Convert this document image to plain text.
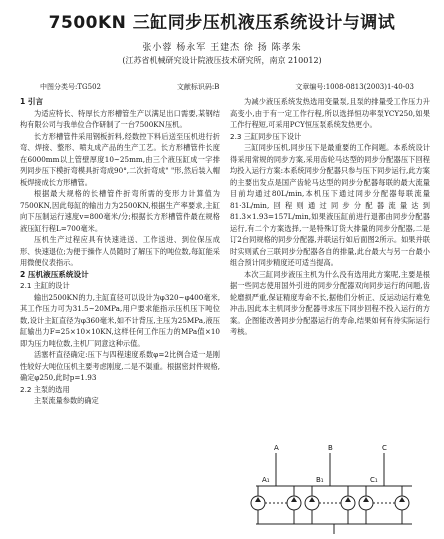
7500KN 三缸同步压机液压系统设计与调试
张小蓉 杨永军 王建杰 徐 扬 陈孝朱
(江苏省机械研究设计院液压技术研究所，南京 210012)
中图分类号:TG502	文献标识码:B	文章编号:1008-0813(2003)1-40-03
1 引言

为适应特长、特厚长方形槽管生产以满足出口需要,某钢结构有限公司与我单位合作研制了一台7500KN压机。

长方形槽管件采用钢板折料,经数控下料后送至压机进行折弯、焊接、整形、喷丸成产品的生产工艺。长方形槽管件长度在6000mm以上管壁厚度10~25mm,由三个液压缸成一字排列同步压下模折弯模具折弯成90°,二次折弯成" "形,然后装入帽板焊接成长方形槽管。

根据最大规格的长槽管件折弯所需的变形力计算值为7500KN,因此每缸的输出力为2500KN,根据生产率要求,主缸向下压制运行速度v=800毫米/分;根据长方形槽管件最在规格液压缸行程L=700毫米。

压机生产过程应具有快速进送、工作送进、到位保压成形、快速退位;为便于操作人员随时了解压下的吨位数,每缸能采用微便仪表指示。

2 压机液压系统设计
2.1 主缸的设计

输出2500KN的力,主缸直径可以设计为φ320~φ400毫米,其工作压力可为31.5~20MPa,用户要求能指示压机压下吨位数,设计主缸直径为φ360毫米,如不计背压,主压为25MPa,液压缸输出力F=25×10×10KN,这样任何工作压力的MPa值×10即为压力吨位数,主机厂同意这种示值。

活塞杆直径确定:压下与四程速度系数φ=2比例合适一是刚性较好大吨位压机主要考虑刚度,二是不渠重。根据密封件规格,确定φ250,此时p=1.93

2.2 主泵的选用

主泵流量参数的确定

为减少液压系统发热选用变量泵,且泵的排量受工作压力升高变小,由于有一定工作行程,所以选择恒功率泵YCY250,如果工作行程短,可采用PCY恒压泵系统发热更小。

2.3 三缸同步压下设计

三缸同步压机,同步压下是最重要的工作间题。本系统设计得采用常规的同步方案,采用齿轮马达型的同步分配器压下回程均投入运行方案:本系统同步分配器只参与压下同步运行,此方案的主要出发点是国产齿轮马达型的同步分配器每联的最大流量目前均通过80L/min,本机压下通过同步分配器每联流量81·3L/min,回程则通过同步分配器流量达到81.3×1.93=157L/min,如果液压缸前进行退都由同步分配器运行,有二个方案选择,一是特殊订货大排量的同步分配器,二是订2台同规格的同步分配器,并联运行如后面图2所示。如果并联时实则贰台三联同步分配器各自的排量,此台最大与另一台最小组合预计同步精度还可适当提高。

本次三缸同步液压主机为什么没有选用此方案呢,主要是根据一些同志使用国外引进的同步分配器双向同步运行的问题,齿轮磨损严重,保证精度寿命不长,据他们分析正、反运动运行难免冲击,因此本主机同步分配器寻求压下同步回程不投入运行的方案。企图能改善同步分配器运行的寿命,结果如何有待实际运行考核。

A	B	C
A₁	B₁	C₁
